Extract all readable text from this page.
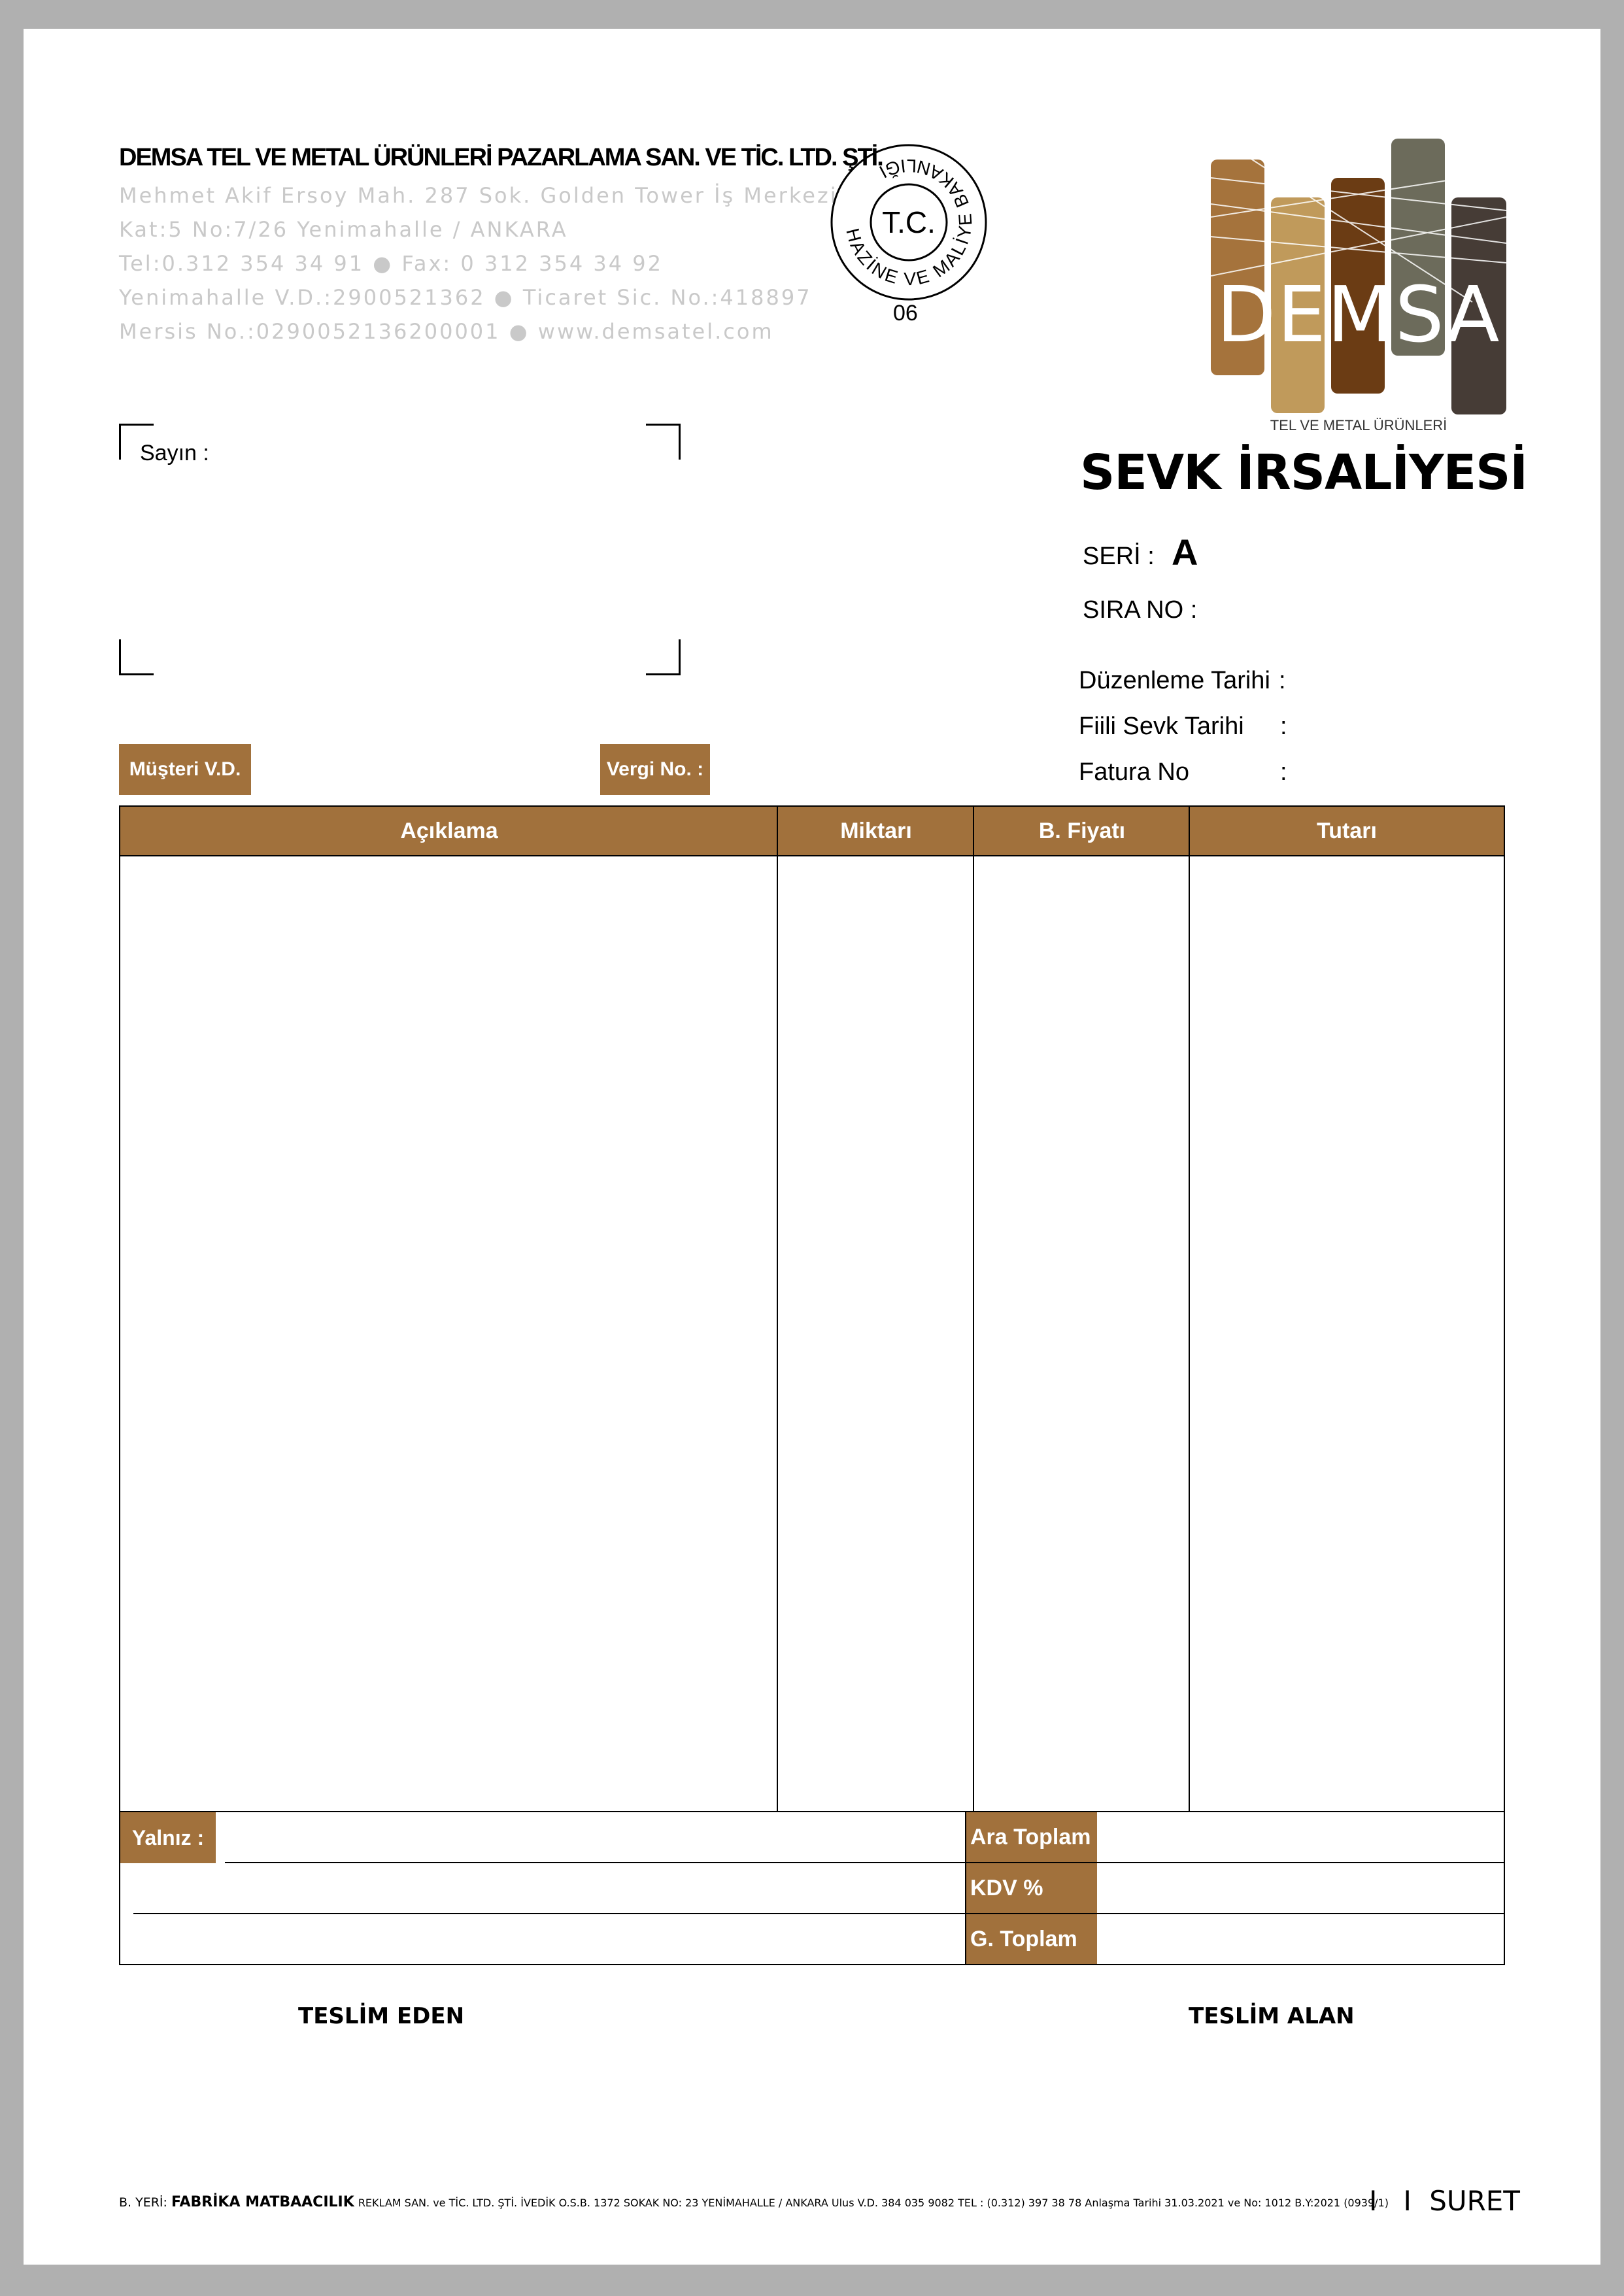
DEMSA TEL VE METAL ÜRÜNLERİ PAZARLAMA SAN. VE TİC. LTD. ŞTİ.
Mehmet Akif Ersoy Mah. 287 Sok. Golden Tower İş Merkezi
Kat:5 No:7/26 Yenimahalle / ANKARA
Tel:0.312 354 34 91 ● Fax: 0 312 354 34 92
Yenimahalle V.D.:2900521362 ● Ticaret Sic. No.:418897
Mersis No.:0290052136200001 ● www.demsatel.com
T.C.
HAZİNE VE MALİYE BAKANLIĞI
06	DEMSA
TEL VE METAL ÜRÜNLERİ
Sayın :	SEVK İRSALİYESİ
SERİ : A
SIRA NO :
Düzenleme Tarihi :
Fiili Sevk Tarihi :
Fatura No	:
Müşteri V.D.	Vergi No. :
Açıklama	Miktarı	B. Fiyatı	Tutarı
Yalnız :	Ara Toplam
KDV %
G. Toplam
TESLİM EDEN	TESLİM ALAN
B. YERİ: FABRİKA MATBAACILIK REKLAM SAN. ve TİC. LTD. ŞTİ. İVEDİK O.S.B. 1372 SOKAK NO: 23 YENİMAHALLE / ANKARA Ulus V.D. 384 035 9082 TEL : (0.312) 397 38 78 Anlaşma Tarihi 31.03.2021 ve No: 1012 B.Y:2021 (0939/1)
I   I SURET
